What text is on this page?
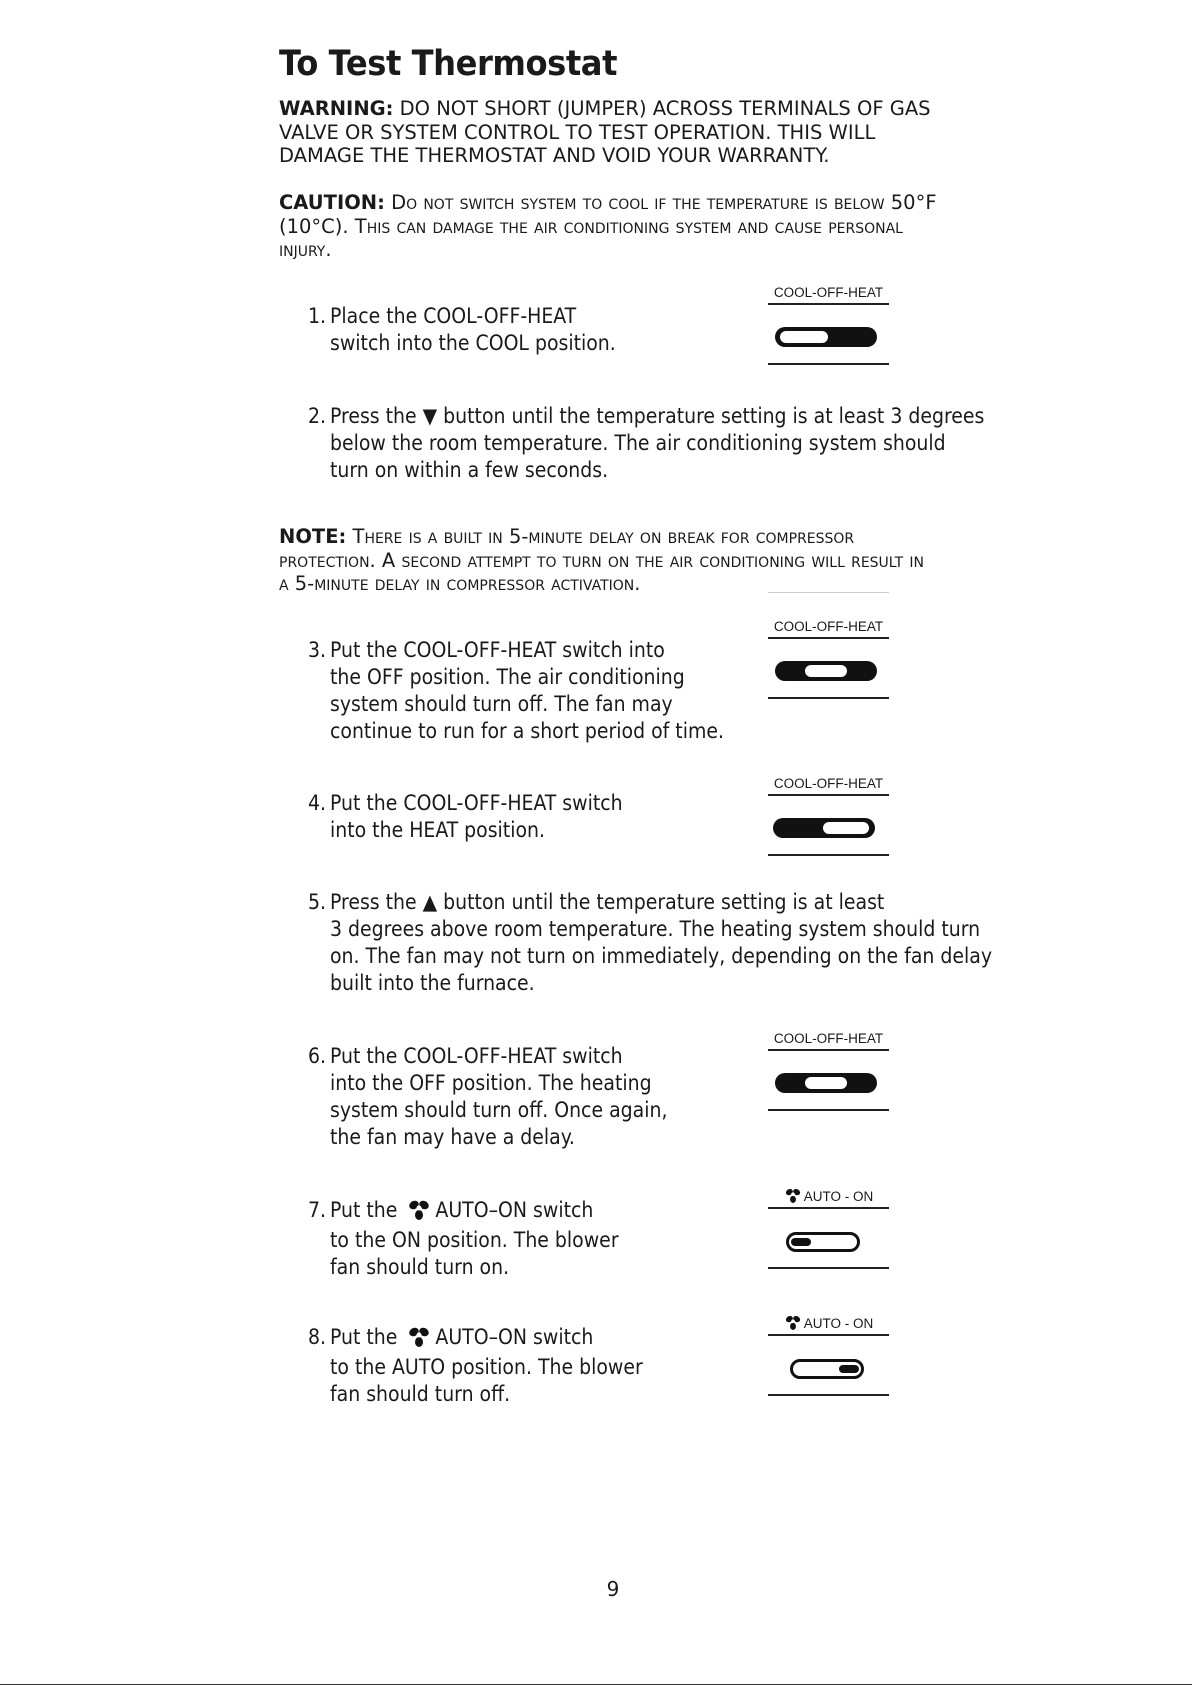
To Test Thermostat
WARNING: DO NOT SHORT (JUMPER) ACROSS TERMINALS OF GAS VALVE OR SYSTEM CONTROL TO TEST OPERATION. THIS WILL DAMAGE THE THERMOSTAT AND VOID YOUR WARRANTY.
CAUTION: Do not switch system to cool if the temperature is below 50°F (10°C). This can damage the air conditioning system and cause personal injury.
1. Place the COOL-OFF-HEAT
switch into the COOL position.
COOL-OFF-HEAT
2. Press the ▼ button until the temperature setting is at least 3 degrees
below the room temperature. The air conditioning system should
turn on within a few seconds.
NOTE: There is a built in 5-minute delay on break for compressor protection. A second attempt to turn on the air conditioning will result in a 5-minute delay in compressor activation.
3. Put the COOL-OFF-HEAT switch into
the OFF position. The air conditioning
system should turn off. The fan may
continue to run for a short period of time.
COOL-OFF-HEAT
4. Put the COOL-OFF-HEAT switch
into the HEAT position.
COOL-OFF-HEAT
5. Press the ▲ button until the temperature setting is at least
3 degrees above room temperature. The heating system should turn
on. The fan may not turn on immediately, depending on the fan delay
built into the furnace.
6. Put the COOL-OFF-HEAT switch
into the OFF position. The heating
system should turn off. Once again,
the fan may have a delay.
COOL-OFF-HEAT
7. Put the AUTO–ON switch
to the ON position. The blower
fan should turn on.
AUTO - ON
8. Put the AUTO–ON switch
to the AUTO position. The blower
fan should turn off.
AUTO - ON
9
